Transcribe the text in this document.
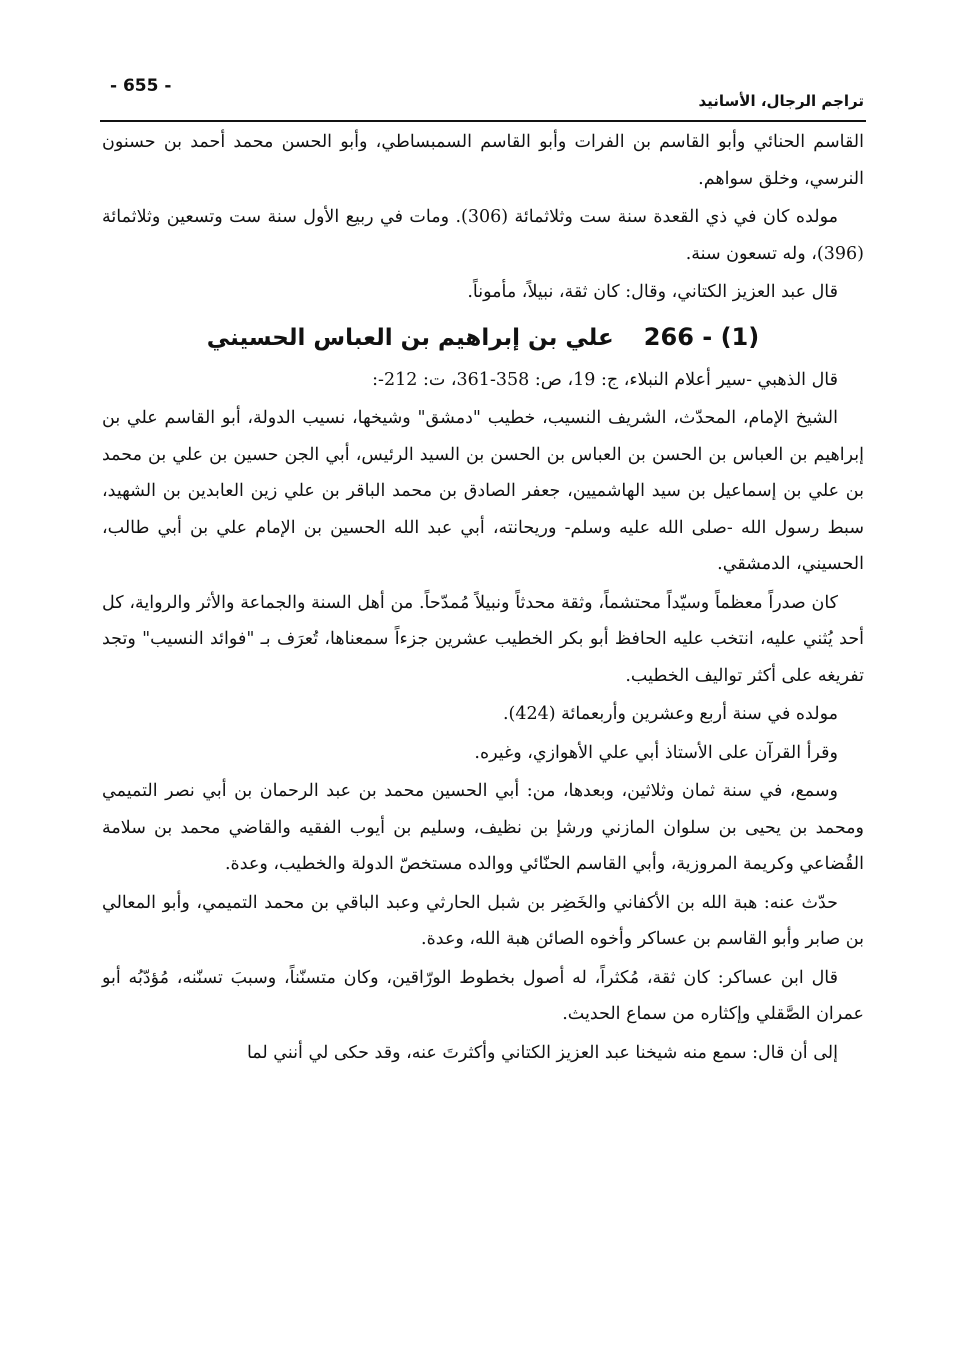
تراجم الرجال، الأسانيد
- 655 -

القاسم الحنائي وأبو القاسم بن الفرات وأبو القاسم السمبساطي، وأبو الحسن محمد أحمد بن حسنون النرسي، وخلق سواهم.

مولده كان في ذي القعدة سنة ست وثلاثمائة (306). ومات في ربيع الأول سنة ست وتسعين وثلاثمائة (396)، وله تسعون سنة.

قال عبد العزيز الكتاني، وقال: كان ثقة، نبيلاً، مأموناً.

266 - (1) علي بن إبراهيم بن العباس الحسيني

قال الذهبي -سير أعلام النبلاء، ج: 19، ص: 358-361، ت: 212-:

الشيخ الإمام، المحدّث، الشريف النسيب، خطيب "دمشق" وشيخها، نسيب الدولة، أبو القاسم علي بن إبراهيم بن العباس بن الحسن بن العباس بن الحسن بن السيد الرئيس، أبي الجن حسين بن علي بن محمد بن علي بن إسماعيل بن سيد الهاشميين، جعفر الصادق بن محمد الباقر بن علي زين العابدين بن الشهيد، سبط رسول الله -صلى الله عليه وسلم- وريحانته، أبي عبد الله الحسين بن الإمام علي بن أبي طالب، الحسيني، الدمشقي.

كان صدراً معظماً وسيّداً محتشماً، وثقة محدثاً ونبيلاً مُمدّحاً. من أهل السنة والجماعة والأثر والرواية، كل أحد يُثني عليه، انتخب عليه الحافظ أبو بكر الخطيب عشرين جزءاً سمعناها، تُعرَف بـ "فوائد النسيب" وتجد تفريغه على أكثر تواليف الخطيب.

مولده في سنة أربع وعشرين وأربعمائة (424).

وقرأ القرآن على الأستاذ أبي علي الأهوازي، وغيره.

وسمع، في سنة ثمان وثلاثين، وبعدها، من: أبي الحسين محمد بن عبد الرحمان بن أبي نصر التميمي ومحمد بن يحيى بن سلوان المازني ورشإ بن نظيف، وسليم بن أيوب الفقيه والقاضي محمد بن سلامة القُضاعي وكريمة المروزية، وأبي القاسم الحنّائي ووالده مستخصّ الدولة والخطيب، وعدة.

حدّث عنه: هبة الله بن الأكفاني والخَضِر بن شبل الحارثي وعبد الباقي بن محمد التميمي، وأبو المعالي بن صابر وأبو القاسم بن عساكر وأخوه الصائن هبة الله، وعدة.

قال ابن عساكر: كان ثقة، مُكثراً، له أصول بخطوط الورّاقين، وكان متسنّناً، وسببَ تسنّنه، مُؤدّبُه أبو عمران الصَّقلي وإكثاره من سماع الحديث.

إلى أن قال: سمع منه شيخنا عبد العزيز الكتاني وأكثرتَ عنه، وقد حكى لي أنني لما
